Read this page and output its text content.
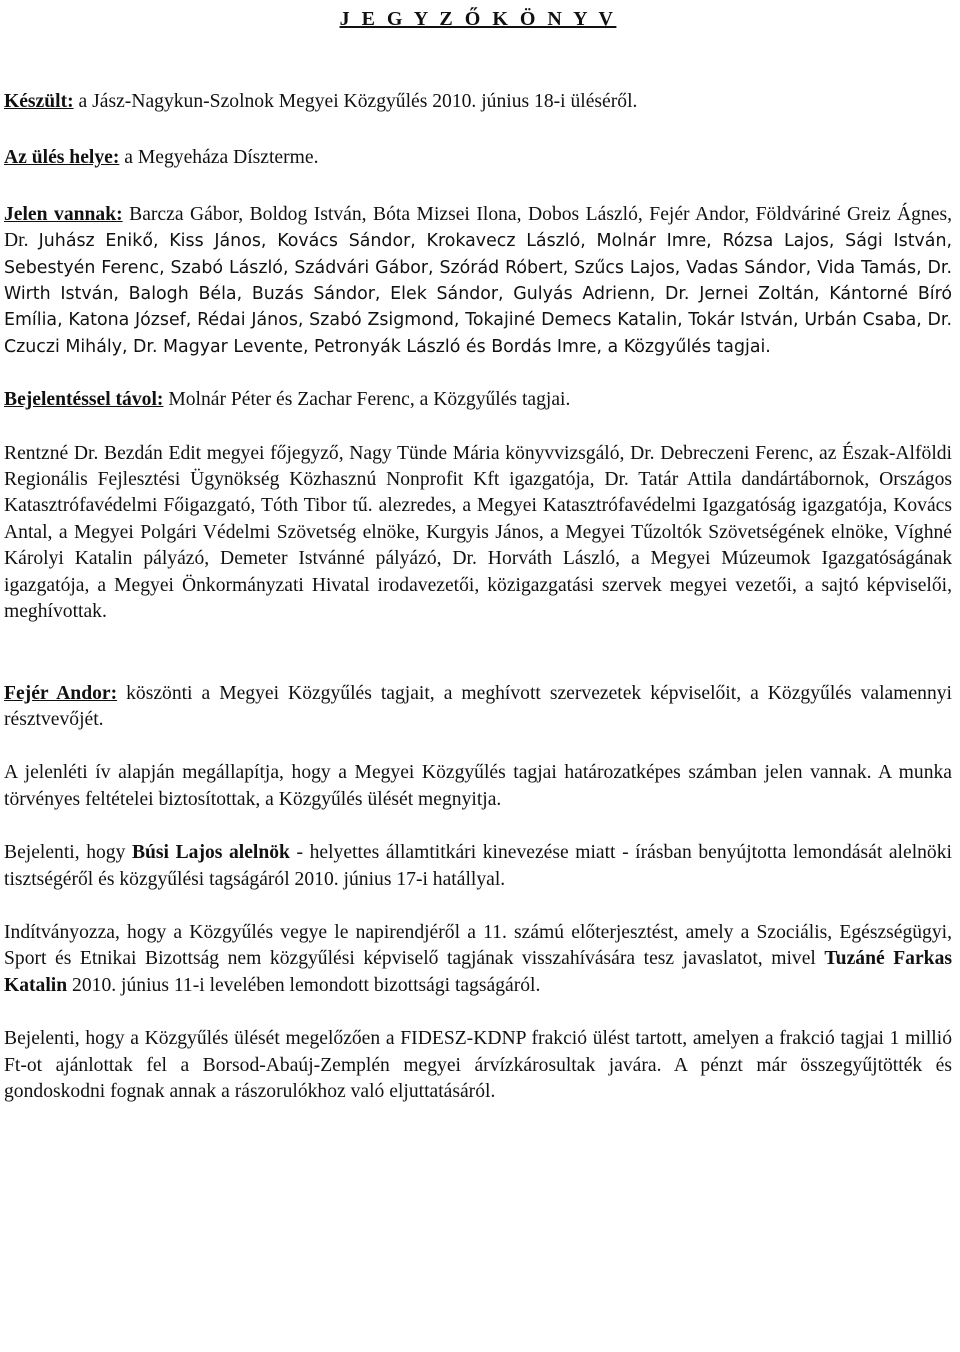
J E G Y Z Ő K Ö N Y V

Készült: a Jász-Nagykun-Szolnok Megyei Közgyűlés 2010. június 18-i üléséről.

Az ülés helye: a Megyeháza Díszterme.

Jelen vannak: Barcza Gábor, Boldog István, Bóta Mizsei Ilona, Dobos László, Fejér Andor, Földváriné Greiz Ágnes, Dr. Juhász Enikő, Kiss János, Kovács Sándor, Krokavecz László, Molnár Imre, Rózsa Lajos, Sági István, Sebestyén Ferenc, Szabó László, Szádvári Gábor, Szórád Róbert, Szűcs Lajos, Vadas Sándor, Vida Tamás, Dr. Wirth István, Balogh Béla, Buzás Sándor, Elek Sándor, Gulyás Adrienn, Dr. Jernei Zoltán, Kántorné Bíró Emília, Katona József, Rédai János, Szabó Zsigmond, Tokajiné Demecs Katalin, Tokár István, Urbán Csaba, Dr. Czuczi Mihály, Dr. Magyar Levente, Petronyák László és Bordás Imre, a Közgyűlés tagjai.

Bejelentéssel távol: Molnár Péter és Zachar Ferenc, a Közgyűlés tagjai.

Rentzné Dr. Bezdán Edit megyei főjegyző, Nagy Tünde Mária könyvvizsgáló, Dr. Debreczeni Ferenc, az Észak-Alföldi Regionális Fejlesztési Ügynökség Közhasznú Nonprofit Kft igazgatója, Dr. Tatár Attila dandártábornok, Országos Katasztrófavédelmi Főigazgató, Tóth Tibor tű. alezredes, a Megyei Katasztrófavédelmi Igazgatóság igazgatója, Kovács Antal, a Megyei Polgári Védelmi Szövetség elnöke, Kurgyis János, a Megyei Tűzoltók Szövetségének elnöke, Víghné Károlyi Katalin pályázó, Demeter Istvánné pályázó, Dr. Horváth László, a Megyei Múzeumok Igazgatóságának igazgatója, a Megyei Önkormányzati Hivatal irodavezetői, közigazgatási szervek megyei vezetői, a sajtó képviselői, meghívottak.

Fejér Andor: köszönti a Megyei Közgyűlés tagjait, a meghívott szervezetek képviselőit, a Közgyűlés valamennyi résztvevőjét.

A jelenléti ív alapján megállapítja, hogy a Megyei Közgyűlés tagjai határozatképes számban jelen vannak. A munka törvényes feltételei biztosítottak, a Közgyűlés ülését megnyitja.

Bejelenti, hogy Búsi Lajos alelnök - helyettes államtitkári kinevezése miatt - írásban benyújtotta lemondását alelnöki tisztségéről és közgyűlési tagságáról 2010. június 17-i hatállyal.

Indítványozza, hogy a Közgyűlés vegye le napirendjéről a 11. számú előterjesztést, amely a Szociális, Egészségügyi, Sport és Etnikai Bizottság nem közgyűlési képviselő tagjának visszahívására tesz javaslatot, mivel Tuzáné Farkas Katalin 2010. június 11-i levelében lemondott bizottsági tagságáról.

Bejelenti, hogy a Közgyűlés ülését megelőzően a FIDESZ-KDNP frakció ülést tartott, amelyen a frakció tagjai 1 millió Ft-ot ajánlottak fel a Borsod-Abaúj-Zemplén megyei árvízkárosultak javára. A pénzt már összegyűjtötték és gondoskodni fognak annak a rászorulókhoz való eljuttatásáról.
